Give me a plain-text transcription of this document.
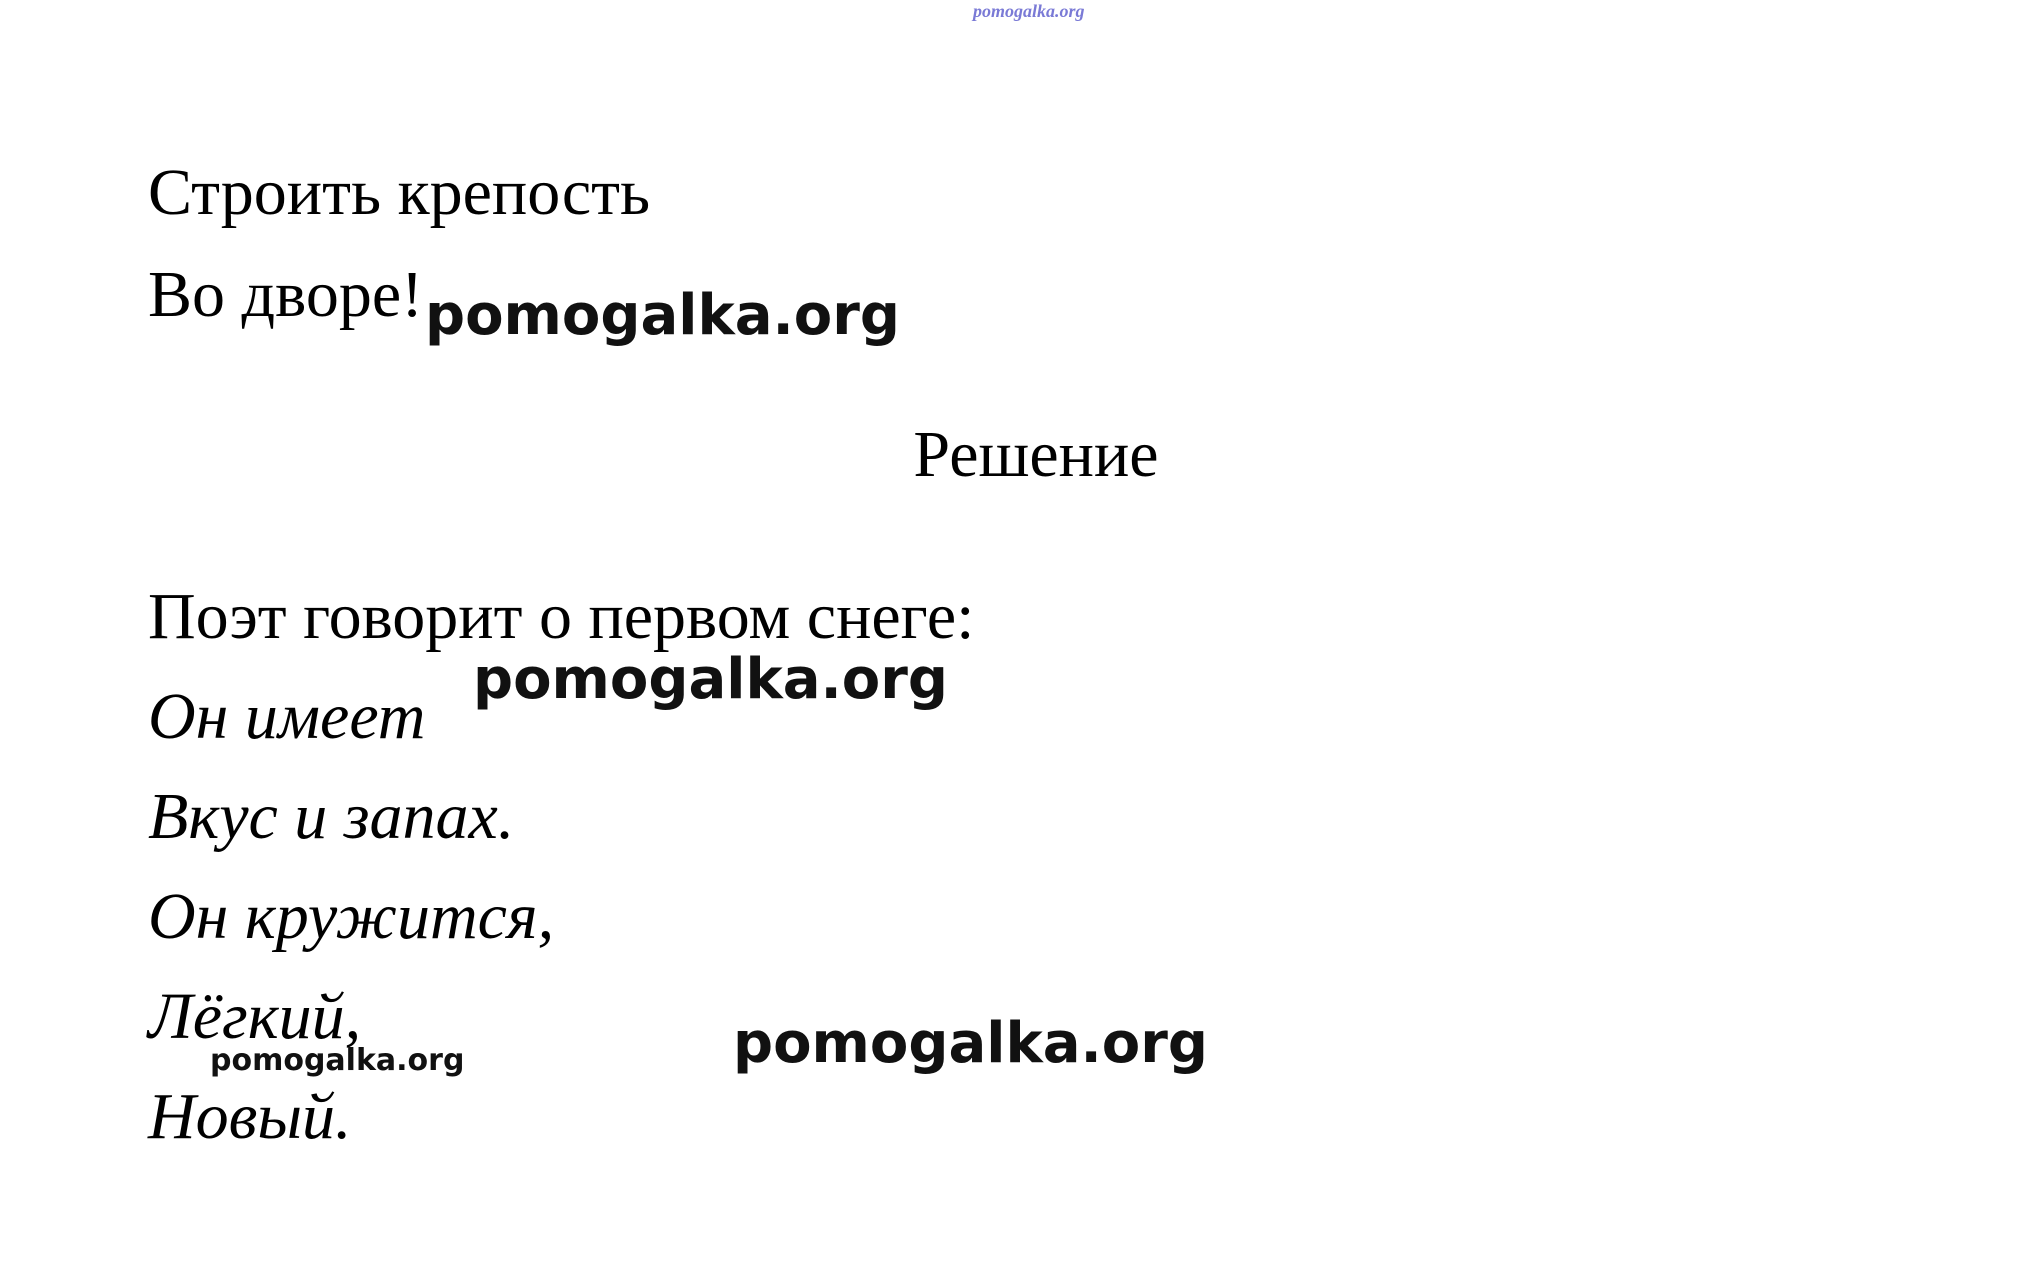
pomogalka.org
Строить крепость
Во дворе! pomogalka.org
Решение
Поэт говорит о первом снеге:
pomogalka.org
Он имеет
Вкус и запах.
Он кружится,
Лёгкий,
pomogalka.org	pomogalka.org
Новый.
